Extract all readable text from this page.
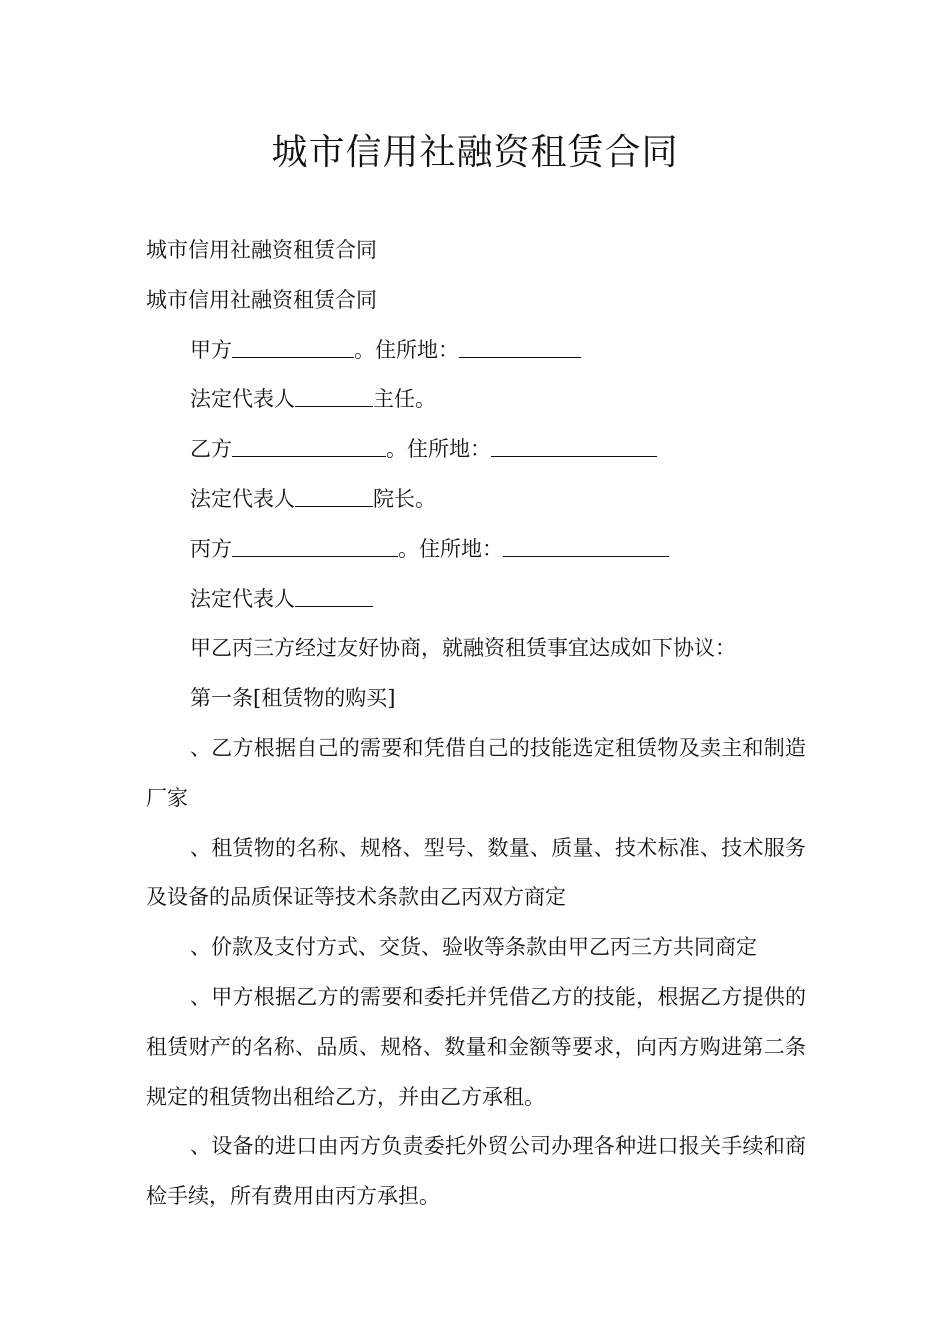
城市信用社融资租赁合同

城市信用社融资租赁合同

城市信用社融资租赁合同

甲方	。住所地：

法定代表人	主任。

乙方	。住所地：

法定代表人	院长。

丙方	。住所地：

法定代表人

甲乙丙三方经过友好协商，就融资租赁事宜达成如下协议：

第一条[租赁物的购买]

、乙方根据自己的需要和凭借自己的技能选定租赁物及卖主和制造厂家

、租赁物的名称、规格、型号、数量、质量、技术标准、技术服务及设备的品质保证等技术条款由乙丙双方商定

、价款及支付方式、交货、验收等条款由甲乙丙三方共同商定

、甲方根据乙方的需要和委托并凭借乙方的技能，根据乙方提供的租赁财产的名称、品质、规格、数量和金额等要求，向丙方购进第二条规定的租赁物出租给乙方，并由乙方承租。

、设备的进口由丙方负责委托外贸公司办理各种进口报关手续和商检手续，所有费用由丙方承担。
